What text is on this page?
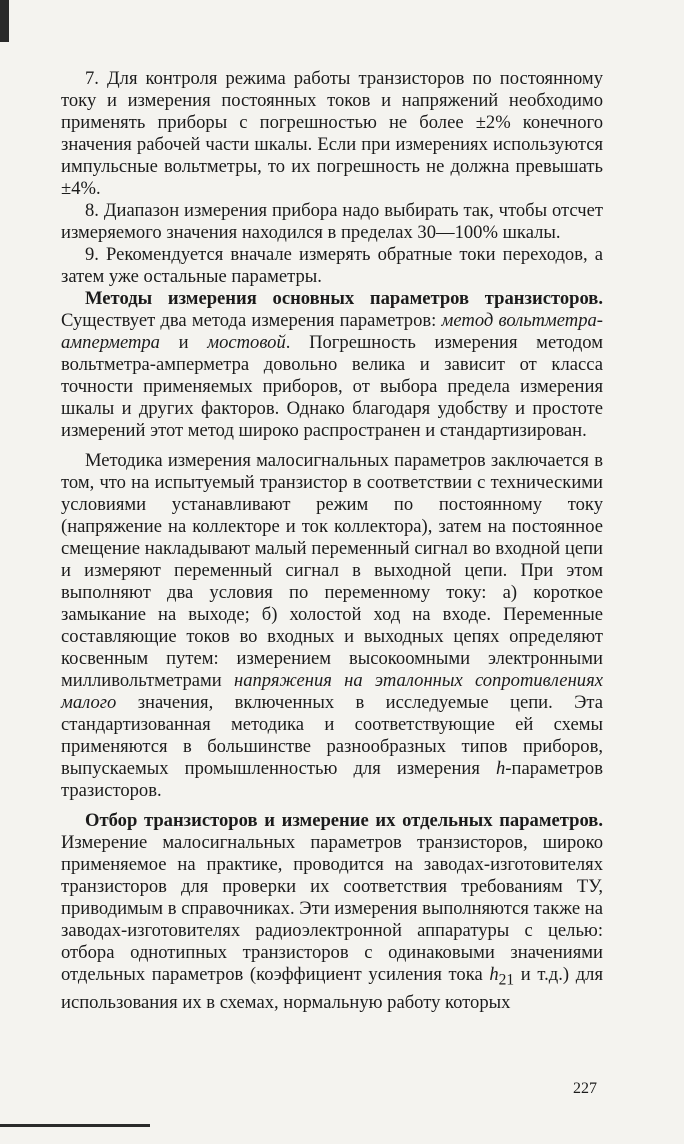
7. Для контроля режима работы транзисторов по постоянному току и измерения постоянных токов и напряжений необходимо применять приборы с погрешностью не более ±2% конечного значения рабочей части шкалы. Если при измерениях используются импульсные вольтметры, то их погрешность не должна превышать ±4%.

8. Диапазон измерения прибора надо выбирать так, чтобы отсчет измеряемого значения находился в пределах 30—100% шкалы.

9. Рекомендуется вначале измерять обратные токи переходов, а затем уже остальные параметры.

Методы измерения основных параметров транзисторов. Существует два метода измерения параметров: метод вольтметра-амперметра и мостовой. Погрешность измерения методом вольтметра-амперметра довольно велика и зависит от класса точности применяемых приборов, от выбора предела измерения шкалы и других факторов. Однако благодаря удобству и простоте измерений этот метод широко распространен и стандартизирован.

Методика измерения малосигнальных параметров заключается в том, что на испытуемый транзистор в соответствии с техническими условиями устанавливают режим по постоянному току (напряжение на коллекторе и ток коллектора), затем на постоянное смещение накладывают малый переменный сигнал во входной цепи и измеряют переменный сигнал в выходной цепи. При этом выполняют два условия по переменному току: а) короткое замыкание на выходе; б) холостой ход на входе. Переменные составляющие токов во входных и выходных цепях определяют косвенным путем: измерением высокоомными электронными милливольтметрами напряжения на эталонных сопротивлениях малого значения, включенных в исследуемые цепи. Эта стандартизованная методика и соответствующие ей схемы применяются в большинстве разнообразных типов приборов, выпускаемых промышленностью для измерения h-параметров тразисторов.

Отбор транзисторов и измерение их отдельных параметров. Измерение малосигнальных параметров транзисторов, широко применяемое на практике, проводится на заводах-изготовителях транзисторов для проверки их соответствия требованиям ТУ, приводимым в справочниках. Эти измерения выполняются также на заводах-изготовителях радиоэлектронной аппаратуры с целью: отбора однотипных транзисторов с одинаковыми значениями отдельных параметров (коэффициент усиления тока $h_{21}$ и т.д.) для использования их в схемах, нормальную работу которых

227
